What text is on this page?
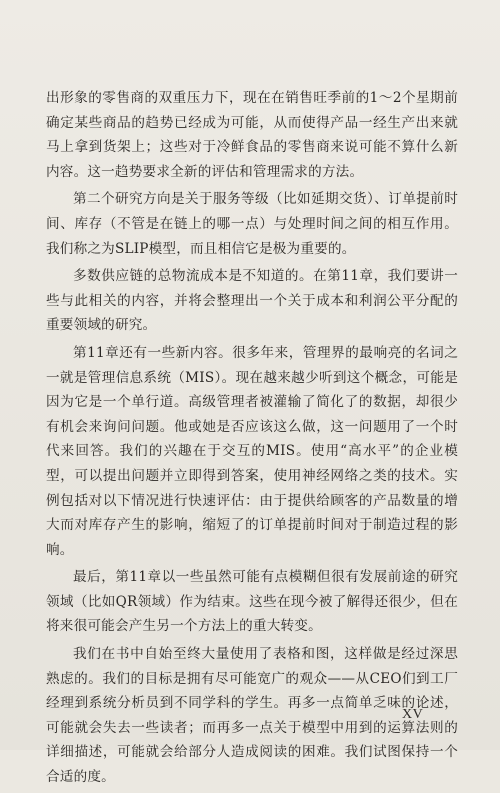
出形象的零售商的双重压力下，现在在销售旺季前的1～2个星期前确定某些商品的趋势已经成为可能，从而使得产品一经生产出来就马上拿到货架上；这些对于冷鲜食品的零售商来说可能不算什么新内容。这一趋势要求全新的评估和管理需求的方法。

第二个研究方向是关于服务等级（比如延期交货）、订单提前时间、库存（不管是在链上的哪一点）与处理时间之间的相互作用。我们称之为SLIP模型，而且相信它是极为重要的。

多数供应链的总物流成本是不知道的。在第11章，我们要讲一些与此相关的内容，并将会整理出一个关于成本和利润公平分配的重要领域的研究。

第11章还有一些新内容。很多年来，管理界的最响亮的名词之一就是管理信息系统（MIS）。现在越来越少听到这个概念，可能是因为它是一个单行道。高级管理者被灌输了简化了的数据，却很少有机会来询问问题。他或她是否应该这么做，这一问题用了一个时代来回答。我们的兴趣在于交互的MIS。使用“高水平”的企业模型，可以提出问题并立即得到答案，使用神经网络之类的技术。实例包括对以下情况进行快速评估：由于提供给顾客的产品数量的增大而对库存产生的影响，缩短了的订单提前时间对于制造过程的影响。

最后，第11章以一些虽然可能有点模糊但很有发展前途的研究领域（比如QR领域）作为结束。这些在现今被了解得还很少，但在将来很可能会产生另一个方法上的重大转变。

我们在书中自始至终大量使用了表格和图，这样做是经过深思熟虑的。我们的目标是拥有尽可能宽广的观众——从CEO们到工厂经理到系统分析员到不同学科的学生。再多一点简单乏味的论述，可能就会失去一些读者；而再多一点关于模型中用到的运算法则的详细描述，可能就会给部分人造成阅读的困难。我们试图保持一个合适的度。

XV
